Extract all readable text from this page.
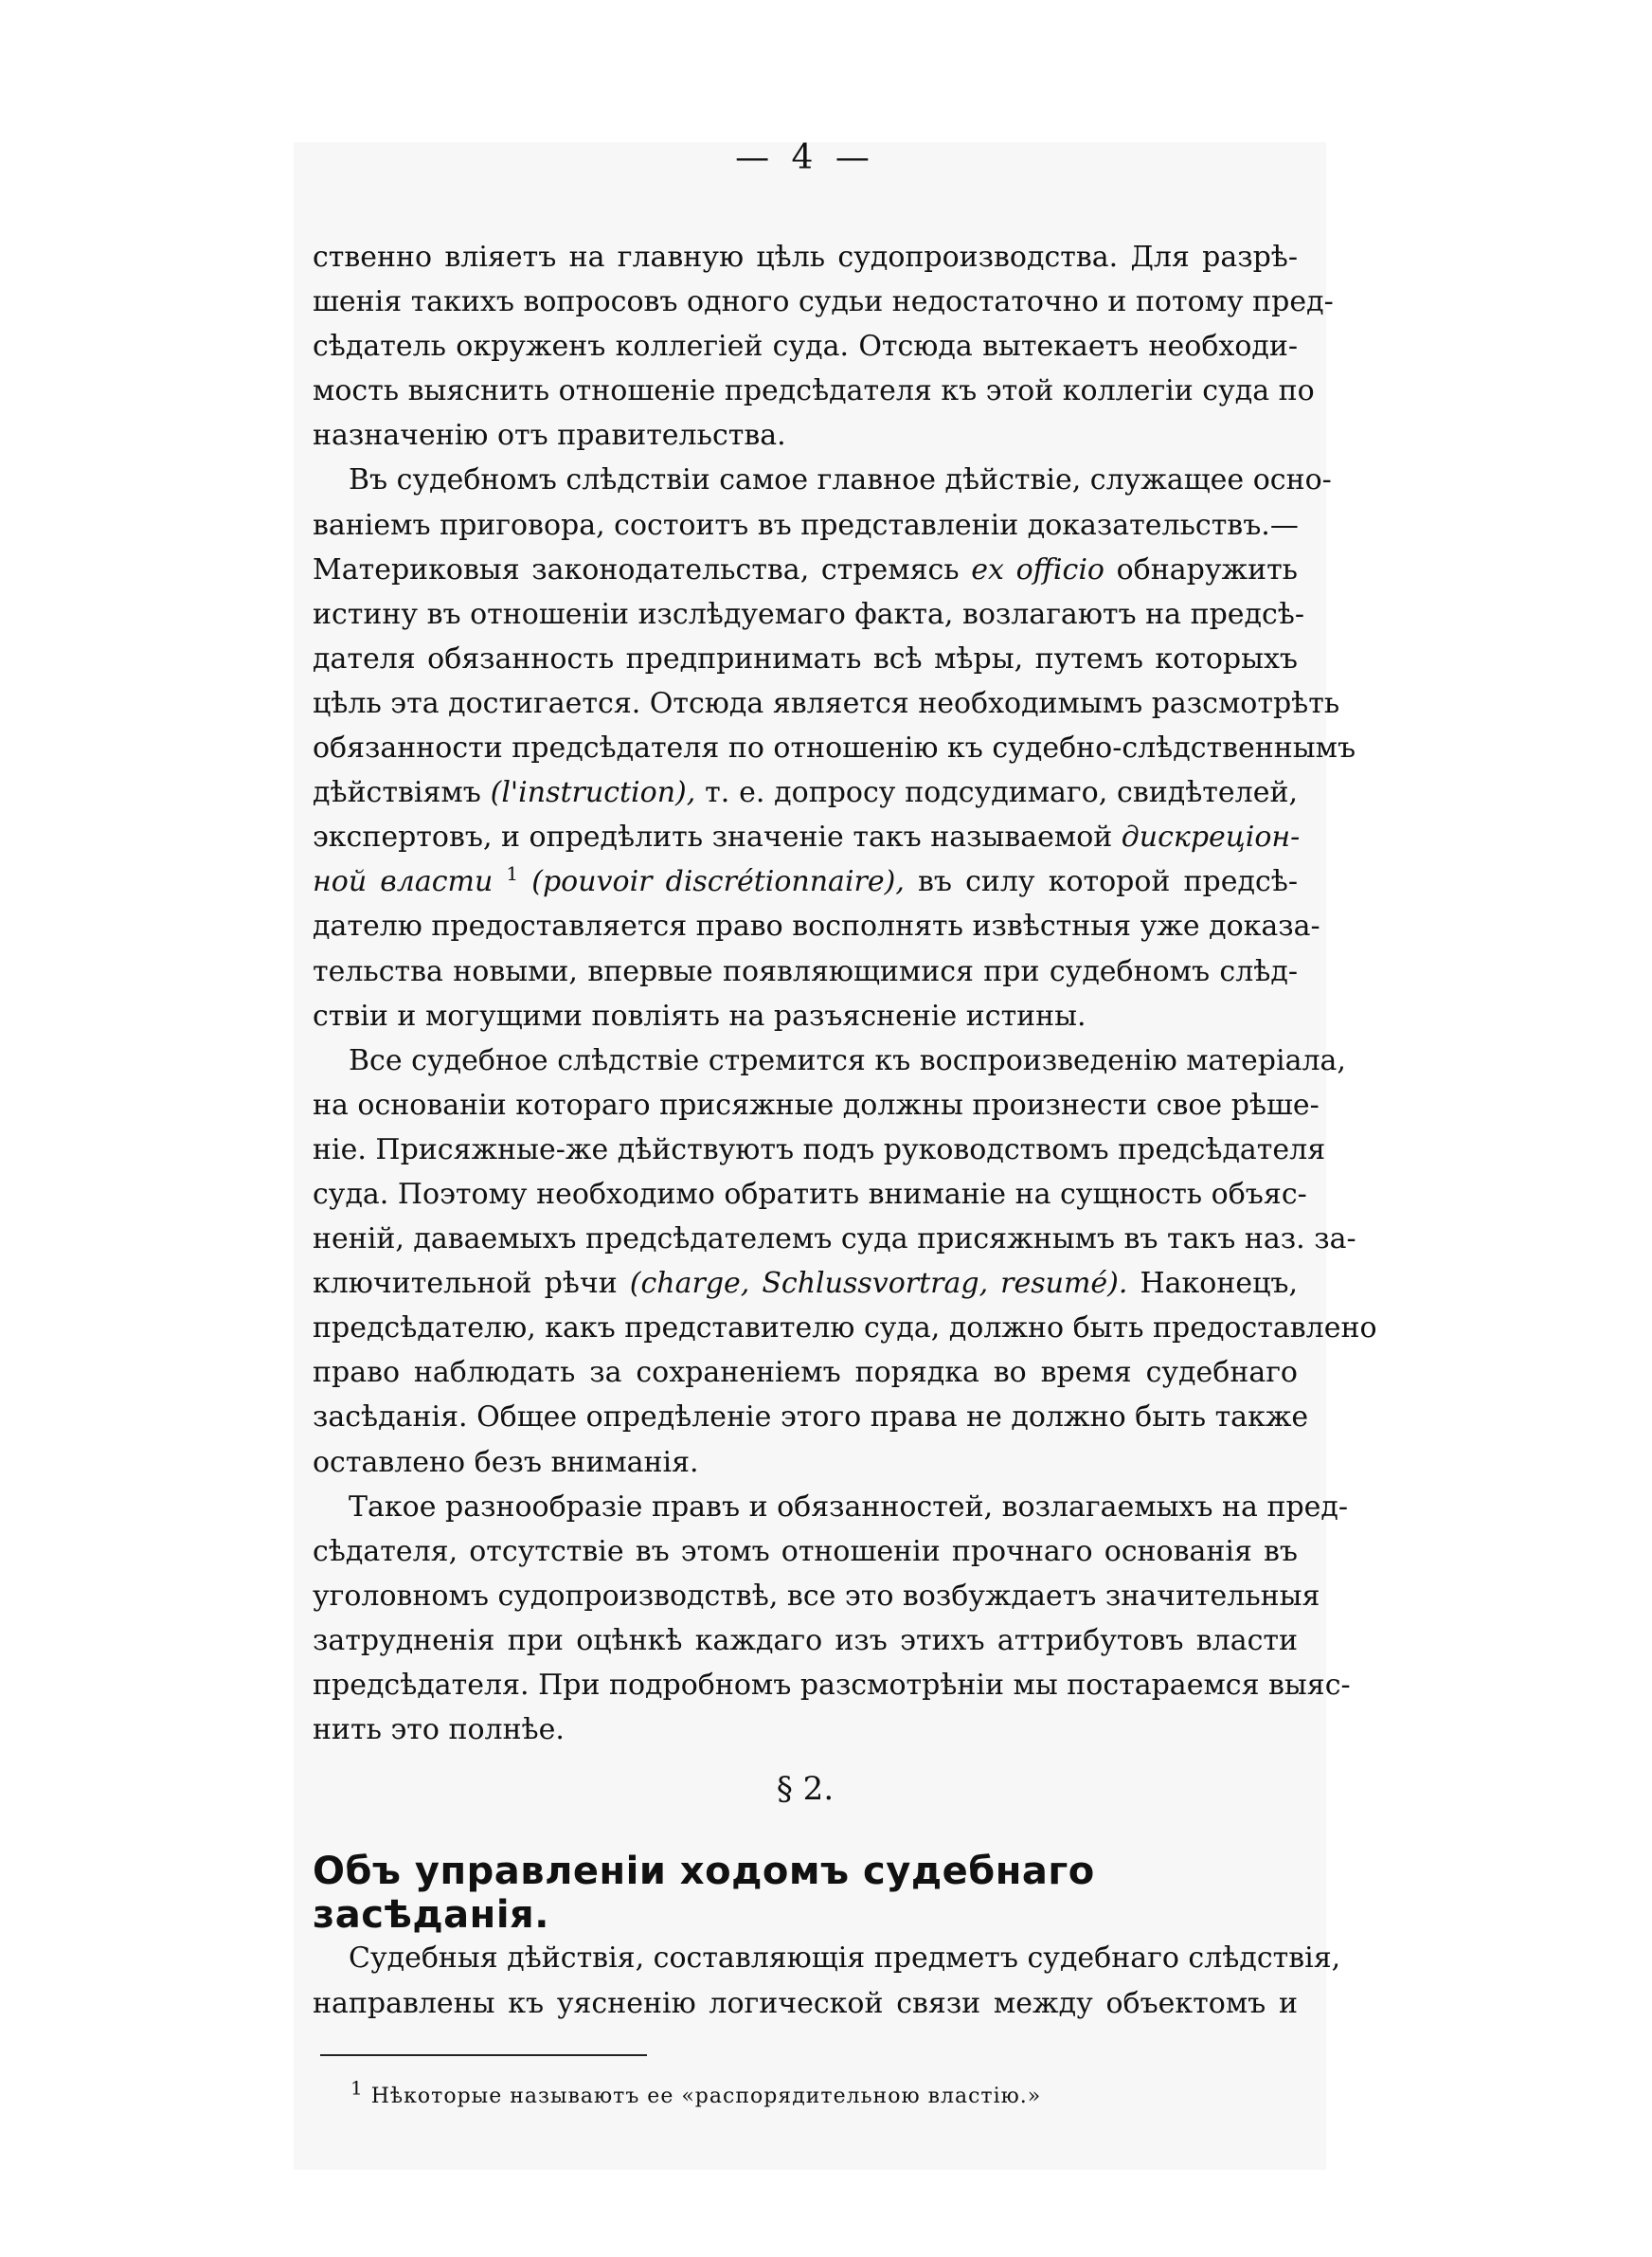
— 4 —
ственно влiяетъ на главную цѣль судопроизводства. Для разрѣ-
шенiя такихъ вопросовъ одного судьи недостаточно и потому пред-
сѣдатель окруженъ коллегiей суда. Отсюда вытекаетъ необходи-
мость выяснить отношенiе предсѣдателя къ этой коллегiи суда по
назначенiю отъ правительства.
Въ судебномъ слѣдствiи самое главное дѣйствiе, служащее осно-
ванiемъ приговора, состоитъ въ представленiи доказательствъ.—
Материковыя законодательства, стремясь ex officio обнаружить
истину въ отношенiи изслѣдуемаго факта, возлагаютъ на предсѣ-
дателя обязанность предпринимать всѣ мѣры, путемъ которыхъ
цѣль эта достигается. Отсюда является необходимымъ разсмотрѣть
обязанности предсѣдателя по отношенiю къ судебно-слѣдственнымъ
дѣйствiямъ (l'instruction), т. е. допросу подсудимаго, свидѣтелей,
экспертовъ, и опредѣлить значенiе такъ называемой дискрецiон-
ной власти $^1$ (pouvoir discrétionnaire), въ силу которой предсѣ-
дателю предоставляется право восполнять извѣстныя уже доказа-
тельства новыми, впервые появляющимися при судебномъ слѣд-
ствiи и могущими повлiять на разъясненiе истины.
Все судебное слѣдствiе стремится къ воспроизведенiю матерiала,
на основанiи котораго присяжные должны произнести свое рѣше-
нiе. Присяжные-же дѣйствуютъ подъ руководствомъ предсѣдателя
суда. Поэтому необходимо обратить вниманiе на сущность объяс-
ненiй, даваемыхъ предсѣдателемъ суда присяжнымъ въ такъ наз. за-
ключительной рѣчи (charge, Schlussvortrag, resumé). Наконецъ,
предсѣдателю, какъ представителю суда, должно быть предоставлено
право наблюдать за сохраненiемъ порядка во время судебнаго
засѣданiя. Общее опредѣленiе этого права не должно быть также
оставлено безъ вниманiя.
Такое разнообразiе правъ и обязанностей, возлагаемыхъ на пред-
сѣдателя, отсутствiе въ этомъ отношенiи прочнаго основанiя въ
уголовномъ судопроизводствѣ, все это возбуждаетъ значительныя
затрудненiя при оцѣнкѣ каждаго изъ этихъ аттрибутовъ власти
предсѣдателя. При подробномъ разсмотрѣнiи мы постараемся выяс-
нить это полнѣе.
§ 2.
Объ управленiи ходомъ судебнаго засѣданiя.
Судебныя дѣйствiя, составляющiя предметъ судебнаго слѣдствiя,
направлены къ уясненiю логической связи между объектомъ и
$^1$ Нѣкоторые называютъ ее «распорядительною властiю.»
